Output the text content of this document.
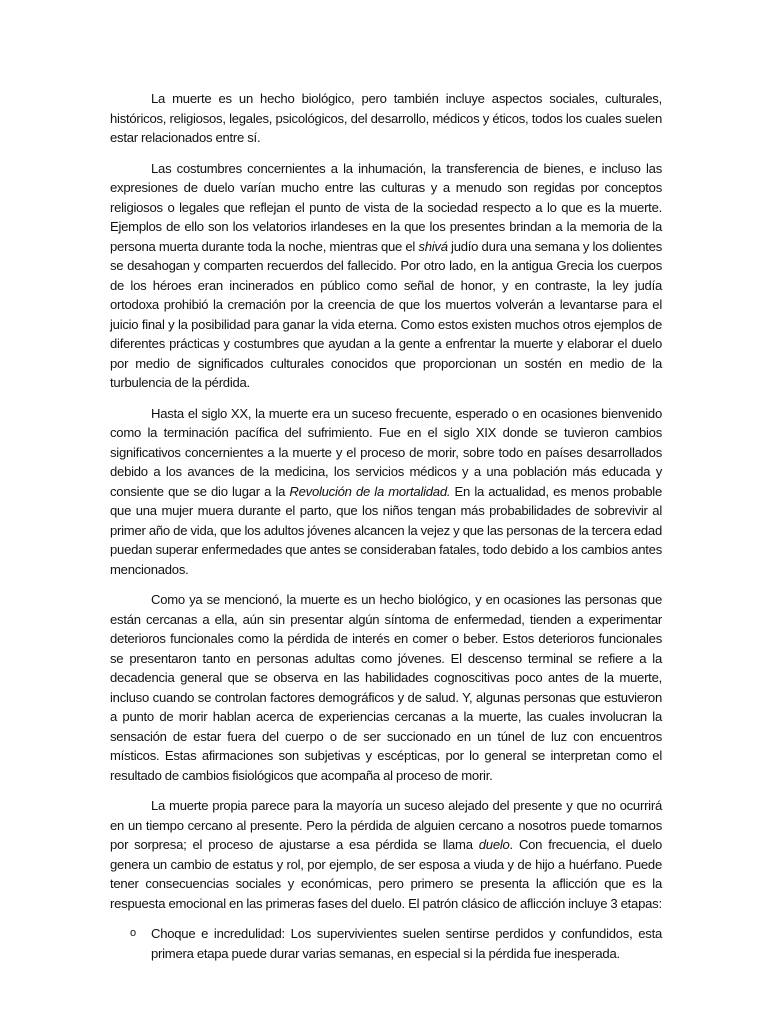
La muerte es un hecho biológico, pero también incluye aspectos sociales, culturales, históricos, religiosos, legales, psicológicos, del desarrollo, médicos y éticos, todos los cuales suelen estar relacionados entre sí.

Las costumbres concernientes a la inhumación, la transferencia de bienes, e incluso las expresiones de duelo varían mucho entre las culturas y a menudo son regidas por conceptos religiosos o legales que reflejan el punto de vista de la sociedad respecto a lo que es la muerte. Ejemplos de ello son los velatorios irlandeses en la que los presentes brindan a la memoria de la persona muerta durante toda la noche, mientras que el shivá judío dura una semana y los dolientes se desahogan y comparten recuerdos del fallecido. Por otro lado, en la antigua Grecia los cuerpos de los héroes eran incinerados en público como señal de honor, y en contraste, la ley judía ortodoxa prohibió la cremación por la creencia de que los muertos volverán a levantarse para el juicio final y la posibilidad para ganar la vida eterna. Como estos existen muchos otros ejemplos de diferentes prácticas y costumbres que ayudan a la gente a enfrentar la muerte y elaborar el duelo por medio de significados culturales conocidos que proporcionan un sostén en medio de la turbulencia de la pérdida.

Hasta el siglo XX, la muerte era un suceso frecuente, esperado o en ocasiones bienvenido como la terminación pacífica del sufrimiento. Fue en el siglo XIX donde se tuvieron cambios significativos concernientes a la muerte y el proceso de morir, sobre todo en países desarrollados debido a los avances de la medicina, los servicios médicos y a una población más educada y consiente que se dio lugar a la Revolución de la mortalidad. En la actualidad, es menos probable que una mujer muera durante el parto, que los niños tengan más probabilidades de sobrevivir al primer año de vida, que los adultos jóvenes alcancen la vejez y que las personas de la tercera edad puedan superar enfermedades que antes se consideraban fatales, todo debido a los cambios antes mencionados.

Como ya se mencionó, la muerte es un hecho biológico, y en ocasiones las personas que están cercanas a ella, aún sin presentar algún síntoma de enfermedad, tienden a experimentar deterioros funcionales como la pérdida de interés en comer o beber. Estos deterioros funcionales se presentaron tanto en personas adultas como jóvenes. El descenso terminal se refiere a la decadencia general que se observa en las habilidades cognoscitivas poco antes de la muerte, incluso cuando se controlan factores demográficos y de salud. Y, algunas personas que estuvieron a punto de morir hablan acerca de experiencias cercanas a la muerte, las cuales involucran la sensación de estar fuera del cuerpo o de ser succionado en un túnel de luz con encuentros místicos. Estas afirmaciones son subjetivas y escépticas, por lo general se interpretan como el resultado de cambios fisiológicos que acompaña al proceso de morir.

La muerte propia parece para la mayoría un suceso alejado del presente y que no ocurrirá en un tiempo cercano al presente. Pero la pérdida de alguien cercano a nosotros puede tomarnos por sorpresa; el proceso de ajustarse a esa pérdida se llama duelo. Con frecuencia, el duelo genera un cambio de estatus y rol, por ejemplo, de ser esposa a viuda y de hijo a huérfano. Puede tener consecuencias sociales y económicas, pero primero se presenta la aflicción que es la respuesta emocional en las primeras fases del duelo. El patrón clásico de aflicción incluye 3 etapas:

o Choque e incredulidad: Los supervivientes suelen sentirse perdidos y confundidos, esta primera etapa puede durar varias semanas, en especial si la pérdida fue inesperada.
